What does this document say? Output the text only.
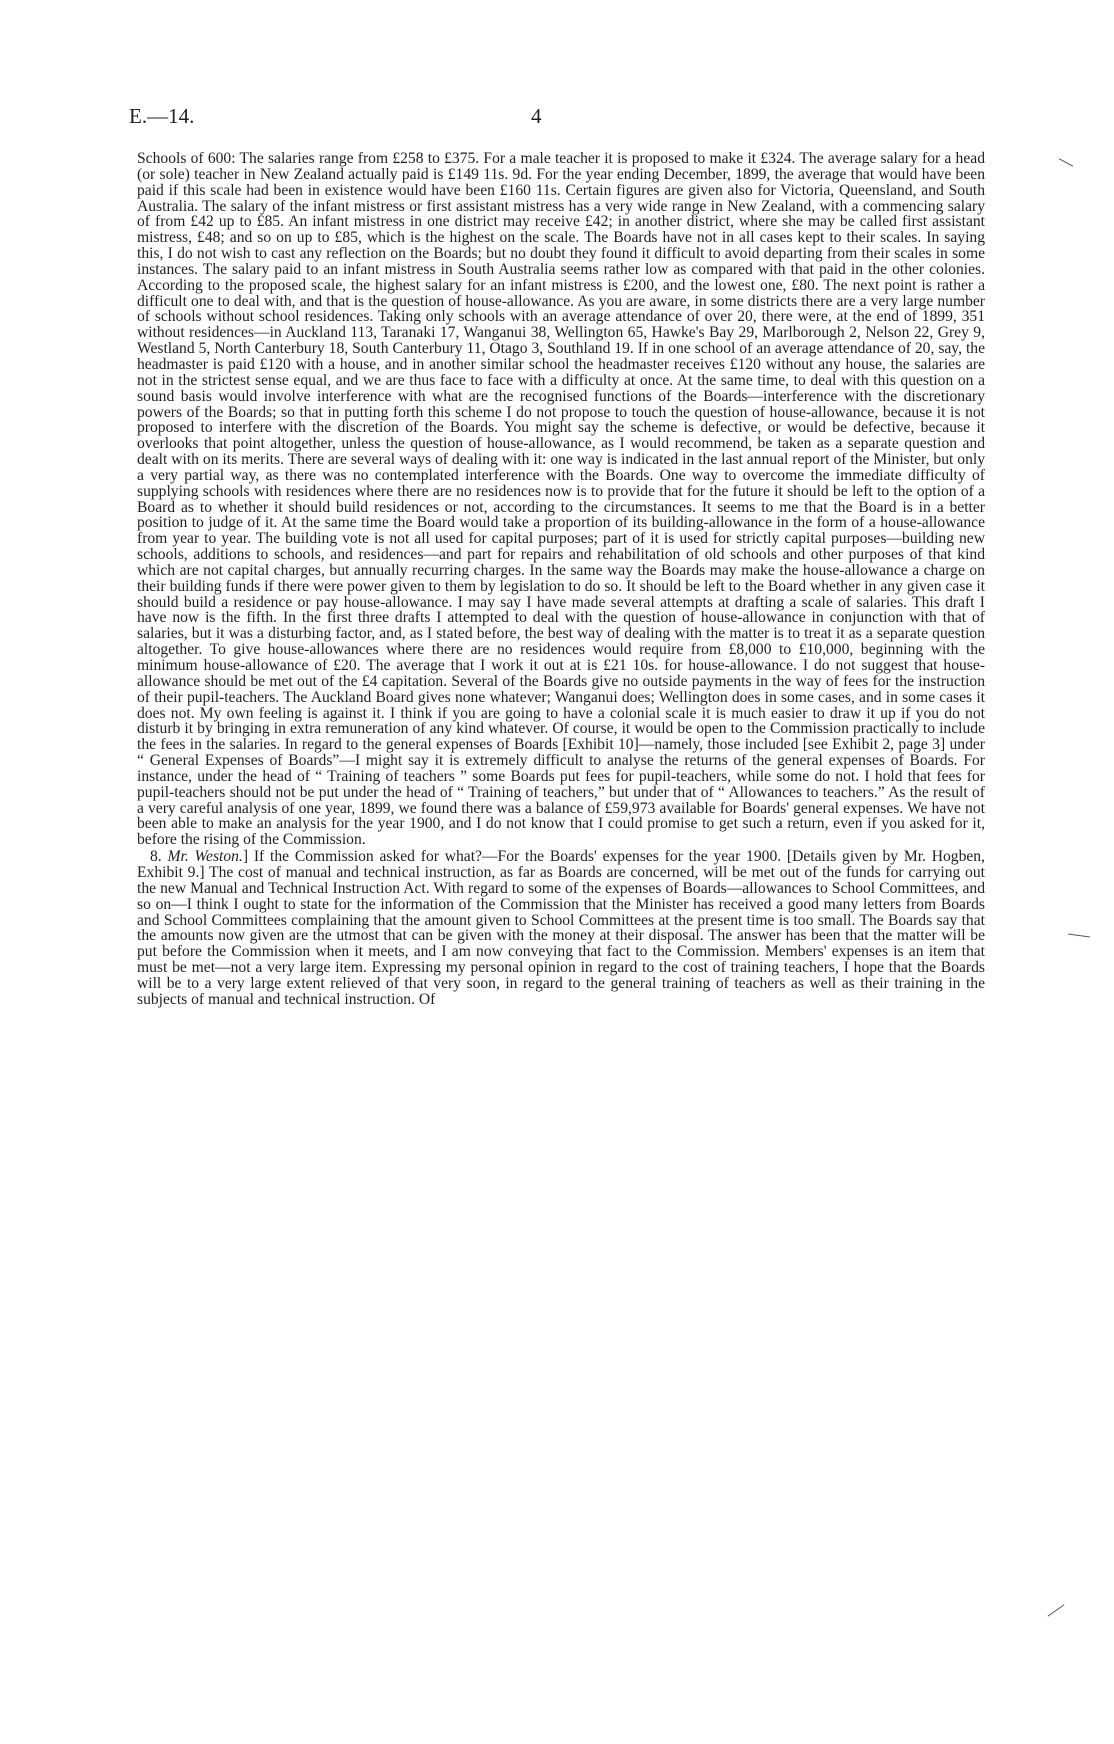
E.—14.	4

Schools of 600: The salaries range from £258 to £375. For a male teacher it is proposed to make it £324. The average salary for a head (or sole) teacher in New Zealand actually paid is £149 11s. 9d. For the year ending December, 1899, the average that would have been paid if this scale had been in existence would have been £160 11s. Certain figures are given also for Victoria, Queensland, and South Australia. The salary of the infant mistress or first assistant mistress has a very wide range in New Zealand, with a commencing salary of from £42 up to £85. An infant mistress in one district may receive £42; in another district, where she may be called first assistant mistress, £48; and so on up to £85, which is the highest on the scale. The Boards have not in all cases kept to their scales. In saying this, I do not wish to cast any reflection on the Boards; but no doubt they found it difficult to avoid departing from their scales in some instances. The salary paid to an infant mistress in South Australia seems rather low as compared with that paid in the other colonies. According to the proposed scale, the highest salary for an infant mistress is £200, and the lowest one, £80. The next point is rather a difficult one to deal with, and that is the question of house-allowance. As you are aware, in some districts there are a very large number of schools without school residences. Taking only schools with an average attendance of over 20, there were, at the end of 1899, 351 without residences—in Auckland 113, Taranaki 17, Wanganui 38, Wellington 65, Hawke's Bay 29, Marlborough 2, Nelson 22, Grey 9, Westland 5, North Canterbury 18, South Canterbury 11, Otago 3, Southland 19. If in one school of an average attendance of 20, say, the headmaster is paid £120 with a house, and in another similar school the headmaster receives £120 without any house, the salaries are not in the strictest sense equal, and we are thus face to face with a difficulty at once. At the same time, to deal with this question on a sound basis would involve interference with what are the recognised functions of the Boards—interference with the discretionary powers of the Boards; so that in putting forth this scheme I do not propose to touch the question of house-allowance, because it is not proposed to interfere with the discretion of the Boards. You might say the scheme is defective, or would be defective, because it overlooks that point altogether, unless the question of house-allowance, as I would recommend, be taken as a separate question and dealt with on its merits. There are several ways of dealing with it: one way is indicated in the last annual report of the Minister, but only a very partial way, as there was no contemplated interference with the Boards. One way to overcome the immediate difficulty of supplying schools with residences where there are no residences now is to provide that for the future it should be left to the option of a Board as to whether it should build residences or not, according to the circumstances. It seems to me that the Board is in a better position to judge of it. At the same time the Board would take a proportion of its building-allowance in the form of a house-allowance from year to year. The building vote is not all used for capital purposes; part of it is used for strictly capital purposes—building new schools, additions to schools, and residences—and part for repairs and rehabilitation of old schools and other purposes of that kind which are not capital charges, but annually recurring charges. In the same way the Boards may make the house-allowance a charge on their building funds if there were power given to them by legislation to do so. It should be left to the Board whether in any given case it should build a residence or pay house-allowance. I may say I have made several attempts at drafting a scale of salaries. This draft I have now is the fifth. In the first three drafts I attempted to deal with the question of house-allowance in conjunction with that of salaries, but it was a disturbing factor, and, as I stated before, the best way of dealing with the matter is to treat it as a separate question altogether. To give house-allowances where there are no residences would require from £8,000 to £10,000, beginning with the minimum house-allowance of £20. The average that I work it out at is £21 10s. for house-allowance. I do not suggest that house-allowance should be met out of the £4 capitation. Several of the Boards give no outside payments in the way of fees for the instruction of their pupil-teachers. The Auckland Board gives none whatever; Wanganui does; Wellington does in some cases, and in some cases it does not. My own feeling is against it. I think if you are going to have a colonial scale it is much easier to draw it up if you do not disturb it by bringing in extra remuneration of any kind whatever. Of course, it would be open to the Commission practically to include the fees in the salaries. In regard to the general expenses of Boards [Exhibit 10]—namely, those included [see Exhibit 2, page 3] under “ General Expenses of Boards”—I might say it is extremely difficult to analyse the returns of the general expenses of Boards. For instance, under the head of “ Training of teachers ” some Boards put fees for pupil-teachers, while some do not. I hold that fees for pupil-teachers should not be put under the head of “ Training of teachers,” but under that of “ Allowances to teachers.” As the result of a very careful analysis of one year, 1899, we found there was a balance of £59,973 available for Boards' general expenses. We have not been able to make an analysis for the year 1900, and I do not know that I could promise to get such a return, even if you asked for it, before the rising of the Commission.

8. Mr. Weston.] If the Commission asked for what?—For the Boards' expenses for the year 1900. [Details given by Mr. Hogben, Exhibit 9.] The cost of manual and technical instruction, as far as Boards are concerned, will be met out of the funds for carrying out the new Manual and Technical Instruction Act. With regard to some of the expenses of Boards—allowances to School Committees, and so on—I think I ought to state for the information of the Commission that the Minister has received a good many letters from Boards and School Committees complaining that the amount given to School Committees at the present time is too small. The Boards say that the amounts now given are the utmost that can be given with the money at their disposal. The answer has been that the matter will be put before the Commission when it meets, and I am now conveying that fact to the Commission. Members' expenses is an item that must be met—not a very large item. Expressing my personal opinion in regard to the cost of training teachers, I hope that the Boards will be to a very large extent relieved of that very soon, in regard to the general training of teachers as well as their training in the subjects of manual and technical instruction. Of
